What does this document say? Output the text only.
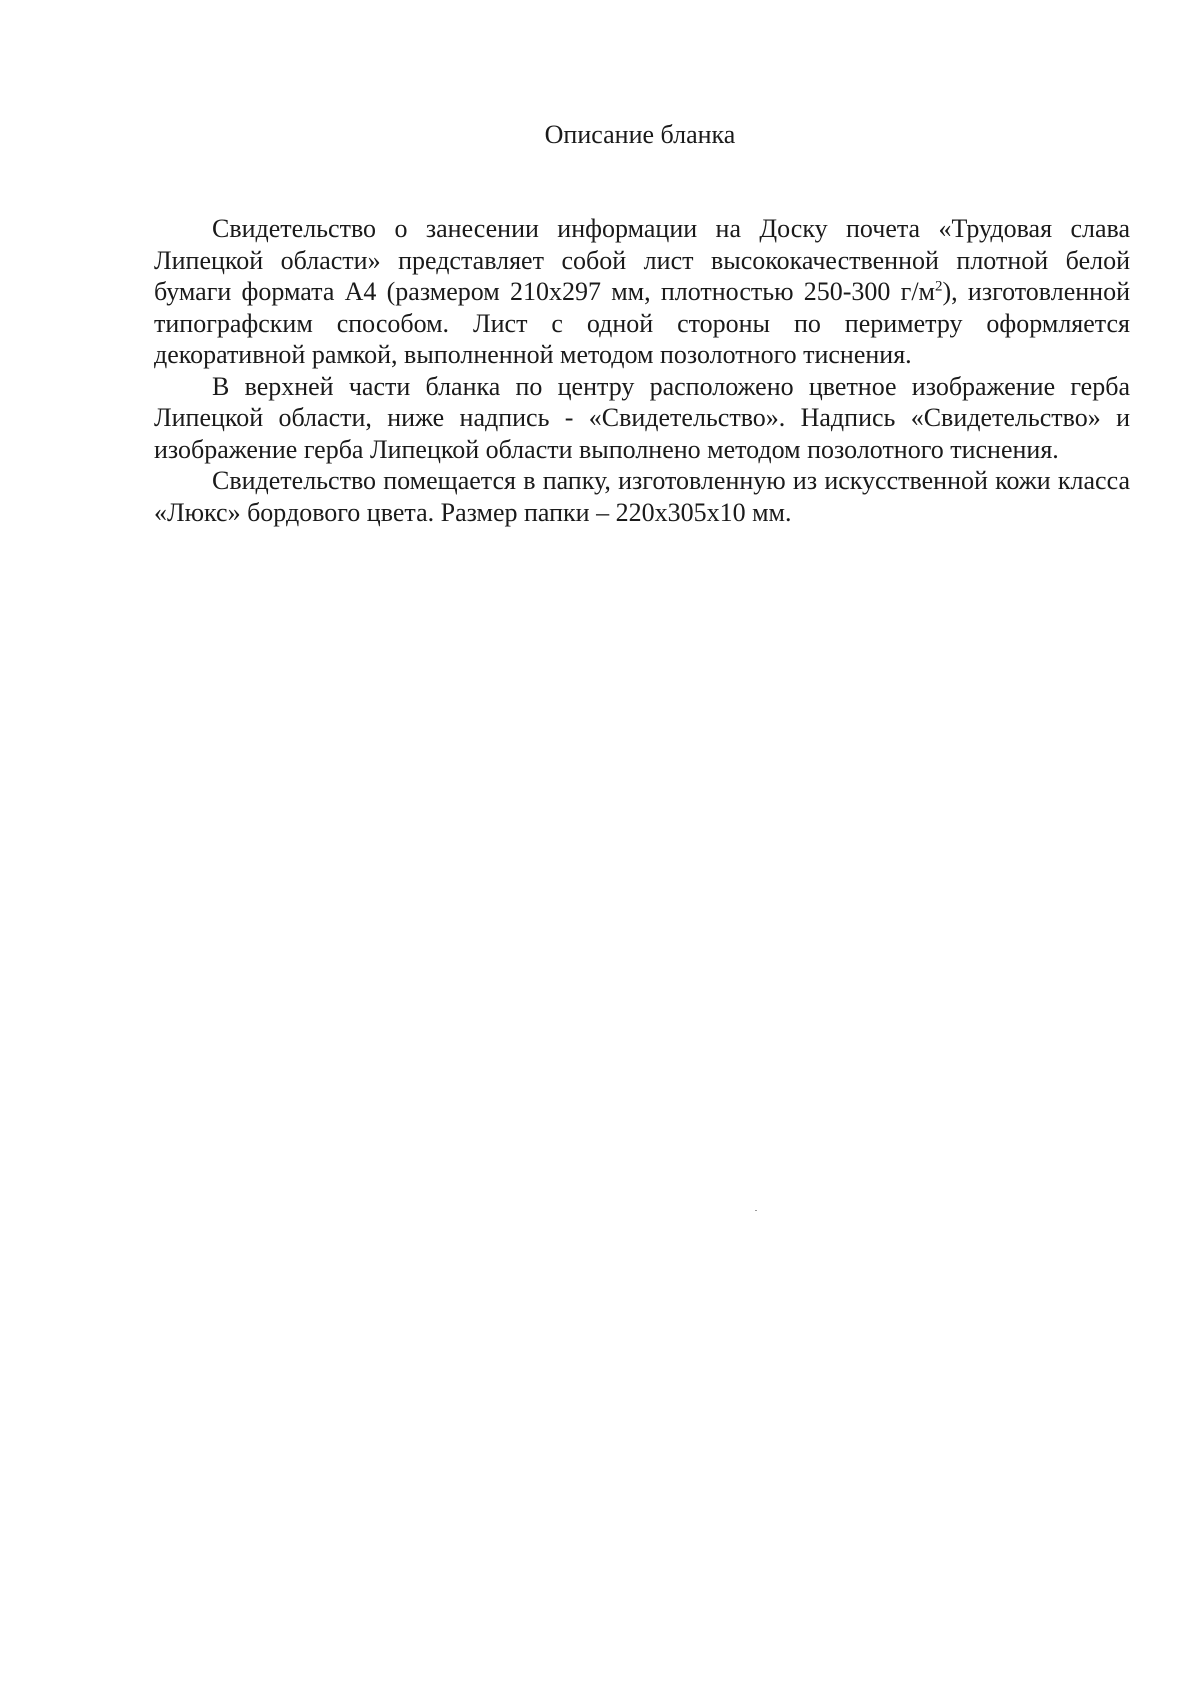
Описание бланка

Свидетельство о занесении информации на Доску почета «Трудовая слава Липецкой области» представляет собой лист высококачественной плотной белой бумаги формата А4 (размером 210х297 мм, плотностью 250-300 $г/м^2$), изготовленной типографским способом. Лист с одной стороны по периметру оформляется декоративной рамкой, выполненной методом позолотного тиснения.

В верхней части бланка по центру расположено цветное изображение герба Липецкой области, ниже надпись - «Свидетельство». Надпись «Свидетельство» и изображение герба Липецкой области выполнено методом позолотного тиснения.

Свидетельство помещается в папку, изготовленную из искусственной кожи класса «Люкс» бордового цвета. Размер папки – 220х305х10 мм.
